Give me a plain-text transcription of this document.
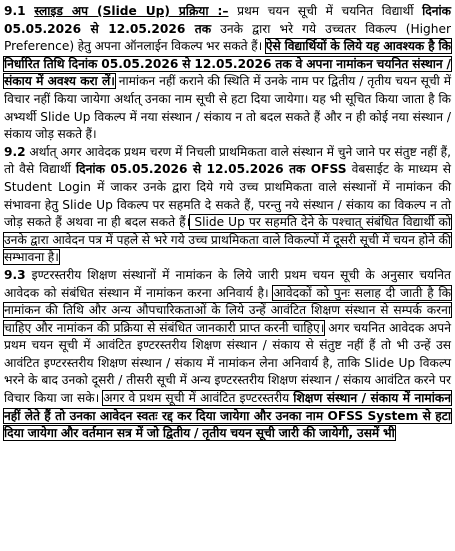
9.1 स्लाइड अप (Slide Up) प्रक्रिया :– प्रथम चयन सूची में चयनित विद्यार्थी दिनांक 05.05.2026 से 12.05.2026 तक उनके द्वारा भरे गये उच्चतर विकल्प (Higher Preference) हेतु अपना ऑनलाईन विकल्प भर सकते हैं। ऐसे विद्यार्थियों के लिये यह आवश्यक है कि निर्धारित तिथि दिनांक 05.05.2026 से 12.05.2026 तक वे अपना नामांकन चयनित संस्थान / संकाय में अवश्य करा लें। नामांकन नहीं कराने की स्थिति में उनके नाम पर द्वितीय / तृतीय चयन सूची में विचार नहीं किया जायेगा अर्थात् उनका नाम सूची से हटा दिया जायेगा। यह भी सूचित किया जाता है कि अभ्यर्थी Slide Up विकल्प में नया संस्थान / संकाय न तो बदल सकते हैं और न ही कोई नया संस्थान / संकाय जोड़ सकते हैं।

9.2 अर्थात् अगर आवेदक प्रथम चरण में निचली प्राथमिकता वाले संस्थान में चुने जाने पर संतुष्ट नहीं हैं, तो वैसे विद्यार्थी दिनांक 05.05.2026 से 12.05.2026 तक OFSS वेबसाईट के माध्यम से Student Login में जाकर उनके द्वारा दिये गये उच्च प्राथमिकता वाले संस्थानों में नामांकन की संभावना हेतु Slide Up विकल्प पर सहमति दे सकते हैं, परन्तु नये संस्थान / संकाय का विकल्प न तो जोड़ सकते हैं अथवा ना ही बदल सकते हैं। Slide Up पर सहमति देने के पश्चात् संबंधित विद्यार्थी को उनके द्वारा आवेदन पत्र में पहले से भरे गये उच्च प्राथमिकता वाले विकल्पों में दूसरी सूची में चयन होने की सम्भावना है।

9.3 इण्टरस्तरीय शिक्षण संस्थानों में नामांकन के लिये जारी प्रथम चयन सूची के अनुसार चयनित आवेदक को संबंधित संस्थान में नामांकन करना अनिवार्य है। आवेदकों को पुनः सलाह दी जाती है कि नामांकन की तिथि और अन्य औपचारिकताओं के लिये उन्हें आवंटित शिक्षण संस्थान से सम्पर्क करना चाहिए और नामांकन की प्रक्रिया से संबंधित जानकारी प्राप्त करनी चाहिए। अगर चयनित आवेदक अपने प्रथम चयन सूची में आवंटित इण्टरस्तरीय शिक्षण संस्थान / संकाय से संतुष्ट नहीं हैं तो भी उन्हें उस आवंटित इण्टरस्तरीय शिक्षण संस्थान / संकाय में नामांकन लेना अनिवार्य है, ताकि Slide Up विकल्प भरने के बाद उनको दूसरी / तीसरी सूची में अन्य इण्टरस्तरीय शिक्षण संस्थान / संकाय आवंटित करने पर विचार किया जा सके। अगर वे प्रथम सूची में आवंटित इण्टरस्तरीय शिक्षण संस्थान / संकाय में नामांकन नहीं लेते हैं तो उनका आवेदन स्वतः रद्द कर दिया जायेगा और उनका नाम OFSS System से हटा दिया जायेगा और वर्तमान सत्र में जो द्वितीय / तृतीय चयन सूची जारी की जायेगी, उसमें भी
